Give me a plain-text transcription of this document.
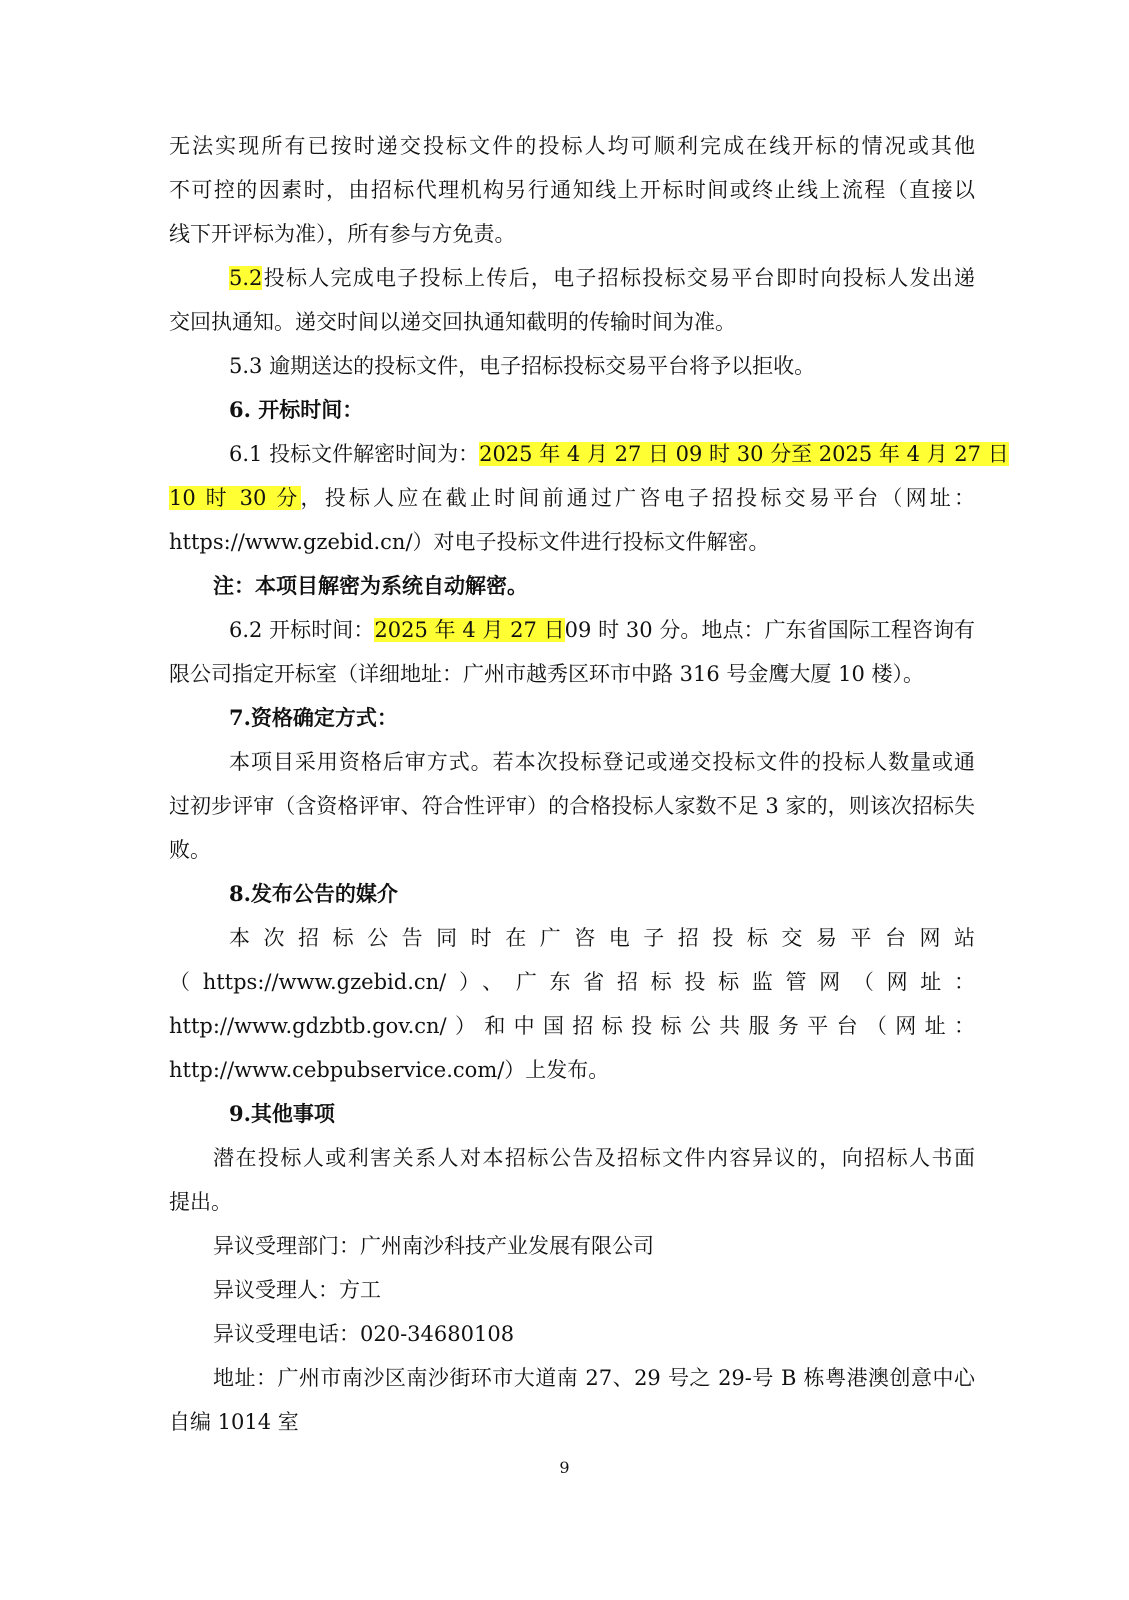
无法实现所有已按时递交投标文件的投标人均可顺利完成在线开标的情况或其他

不可控的因素时，由招标代理机构另行通知线上开标时间或终止线上流程（直接以

线下开评标为准），所有参与方免责。

5.2投标人完成电子投标上传后，电子招标投标交易平台即时向投标人发出递

交回执通知。递交时间以递交回执通知截明的传输时间为准。

5.3 逾期送达的投标文件，电子招标投标交易平台将予以拒收。

6. 开标时间：

6.1 投标文件解密时间为：2025 年 4 月 27 日 09 时 30 分至 2025 年 4 月 27 日

10 时 30 分，投标人应在截止时间前通过广咨电子招投标交易平台（网址：

https://www.gzebid.cn/）对电子投标文件进行投标文件解密。

注：本项目解密为系统自动解密。

6.2 开标时间：2025 年 4 月 27 日09 时 30 分。地点：广东省国际工程咨询有

限公司指定开标室（详细地址：广州市越秀区环市中路 316 号金鹰大厦 10 楼）。

7.资格确定方式：

本项目采用资格后审方式。若本次投标登记或递交投标文件的投标人数量或通

过初步评审（含资格评审、符合性评审）的合格投标人家数不足 3 家的，则该次招标失

败。

8.发布公告的媒介

本次招标公告同时在广咨电子招投标交易平台网站

（https://www.gzebid.cn/）、广东省招标投标监管网（网址：

http://www.gdzbtb.gov.cn/）和中国招标投标公共服务平台（网址：

http://www.cebpubservice.com/）上发布。

9.其他事项

潜在投标人或利害关系人对本招标公告及招标文件内容异议的，向招标人书面

提出。

异议受理部门：广州南沙科技产业发展有限公司

异议受理人：方工

异议受理电话：020-34680108

地址：广州市南沙区南沙街环市大道南 27、29 号之 29-号 B 栋粤港澳创意中心

自编 1014 室

9
